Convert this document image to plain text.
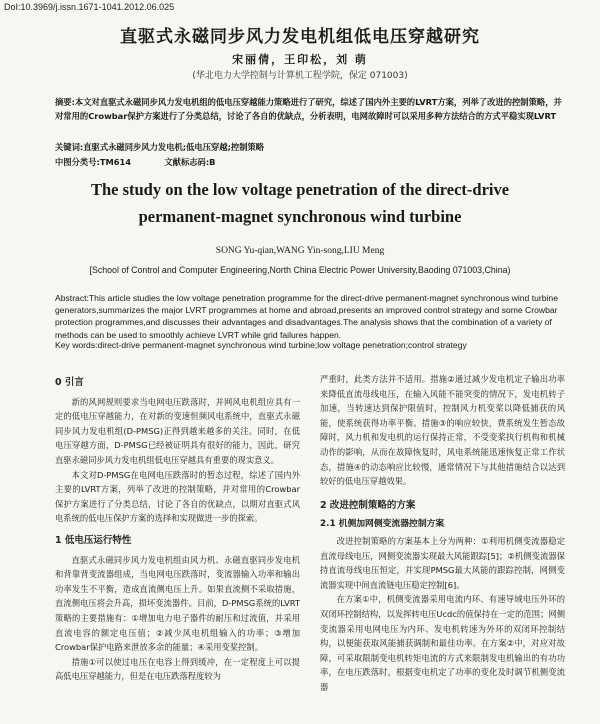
DoI:10.3969/j.issn.1671-1041.2012.06.025
直驱式永磁同步风力发电机组低电压穿越研究
宋丽倩，王印松，刘 萌
(华北电力大学控制与计算机工程学院，保定 071003)
摘要:本文对直驱式永磁同步风力发电机组的低电压穿越能力策略进行了研究，综述了国内外主要的LVRT方案，列举了改进的控制策略，并对常用的Crowbar保护方案进行了分类总结，讨论了各自的优缺点，分析表明，电网故障时可以采用多种方法结合的方式平稳实现LVRT
关键词:直驱式永磁同步风力发电机;低电压穿越;控制策略
中图分类号:TM614	文献标志码:B
The study on the low voltage penetration of the direct-drive
permanent-magnet synchronous wind turbine
SONG Yu-qian,WANG Yin-song,LIU Meng
[School of Control and Computer Engineering,North China Electric Power University,Baoding 071003,China)
Abstract:This article studies the low voltage penetration programme for the direct-drive permanent-magnet synchronous wind turbine generators,summarizes the major LVRT programmes at home and abroad,presents an improved control strategy and some Crowbar protection programmes,and discusses their advantages and disadvantages.The analysis shows that the combination of a variety of methods can be used to smoothly achieve LVRT while grid failures happen.
Key words:direct-drive permanent-magnet synchronous wind turbine;low voltage penetration;control strategy
0 引言

新的风网规则要求当电网电压跌落时，并网风电机组应具有一定的低电压穿越能力，在对新的变速恒频风电系统中，直驱式永磁同步风力发电机组(D-PMSG)正得到越来越多的关注。同时，在低电压穿越方面，D-PMSG已经被证明具有很好的能力，因此，研究直驱永磁同步风力发电机组低电压穿越具有重要的现实意义。

本文对D-PMSG在电网电压跌落时的暂态过程，综述了国内外主要的LVRT方案，列举了改进的控制策略，并对常用的Crowbar保护方案进行了分类总结，讨论了各自的优缺点，以期对直驱式风电系统的低电压保护方案的选择和实现做进一步的探索。

1 低电压运行特性

直驱式永磁同步风力发电机组由风力机、永磁直驱同步发电机和背靠背变流器组成，当电网电压跌落时，变流器输入功率和输出功率发生不平衡，造成直流侧电压上升。如果直流侧不采取措施，直流侧电压将会升高，损坏变流器件。目前，D-PMSG系统的LVRT策略的主要措施有：①增加电力电子器件的耐压和过流值，并采用直流电容的额定电压值；②减少风电机组输入的功率；③增加Crowbar保护电路来泄放多余的能量；④采用变桨控制。

措施①可以使过电压在电容上得到缓冲，在一定程度上可以提高低电压穿越能力，但是在电压跌落程度较为

严重时，此类方法并不适用。措施②通过减少发电机定子输出功率来降低直流母线电压，在输入风能不能突变的情况下，发电机转子加速，当转速达到保护限值时，控制风力机变桨以降低捕获的风能，使系统获得功率平衡。措施③的响应较快，费系统发生暂态故障时，风力机和发电机的运行保持正常，不受变桨执行机构和机械动作的影响，从而在故障恢复时，风电系统能迅速恢复正常工作状态，措施④的动态响应比较慢，通常情况下与其他措施结合以达到较好的低电压穿越效果。

2 改进控制策略的方案
2.1 机侧加网侧变流器控制方案

改进控制策略的方案基本上分为两种：①利用机侧变流器稳定直流母线电压，网侧变流器实现最大风能跟踪[5]；②机侧变流器保持直流母线电压恒定，并实现PMSG最大风能的跟踪控制，网侧变流器实现中间直流链电压稳定控制[6]。

在方案①中，机侧变流器采用电流内环、有速导域电压外环的双闭环控制结构，以发挥转电压Ucdc的值保持在一定的范围；网侧变流器采用电网电压为内环、发电机转速为外环的双闭环控制结构，以便能获取风能捕获调制和最佳功率。在方案②中，对应对故障，可采取限制变电机转矩电流的方式来限制发电机输出的有功功率，在电压跌落时，根据变电机定了功率的变化及时调节机侧变流器
